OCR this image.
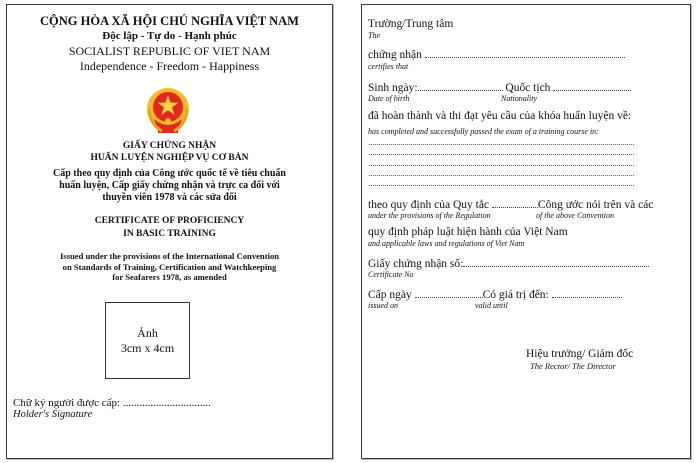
CỘNG HÒA XÃ HỘI CHỦ NGHĨA VIỆT NAM
Độc lập - Tự do - Hạnh phúc
SOCIALIST REPUBLIC OF VIET NAM
Independence - Freedom - Happiness
GIẤY CHỨNG NHẬN
HUẤN LUYỆN NGHIỆP VỤ CƠ BẢN
Cấp theo quy định của Công ước quốc tế về tiêu chuẩn
huấn luyện, Cấp giấy chứng nhận và trực ca đối với
thuyền viên 1978 và các sửa đổi
CERTIFICATE OF PROFICIENCY
IN BASIC TRAINING
Issued under the provisions of the International Convention
on Standards of Training, Certification and Watchkeeping
for Seafarers 1978, as amended
Ảnh
3cm x 4cm
Chữ ký người được cấp: ................................
Holder's Signature
Trường/Trung tâm
The
chứng nhận
certifies that
Sinh ngày:	Quốc tịch
Date of birth	Nationality
đã hoàn thành và thi đạt yêu cầu của khóa huấn luyện về:
has completed and successfully passed the exam of a training course in:
theo quy định của Quy tắc	Công ước nói trên và các
under the provisions of the Regulation	of the above Convention
quy định pháp luật hiện hành của Việt Nam
and applicable laws and regulations of Viet Nam
Giấy chứng nhận số:
Certificate No
Cấp ngày	Có giá trị đến:
issued on	valid until
Hiệu trưởng/ Giám đốc
The Rector/ The Director
